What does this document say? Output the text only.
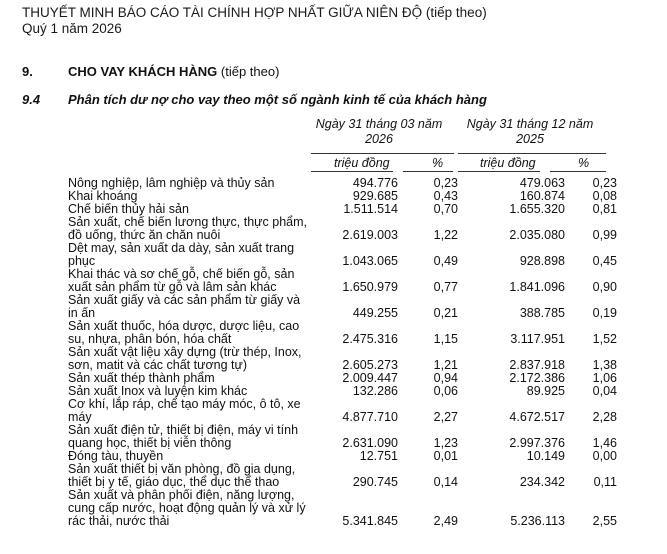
THUYẾT MINH BÁO CÁO TÀI CHÍNH HỢP NHẤT GIỮA NIÊN ĐỘ (tiếp theo)
Quý 1 năm 2026
9.	CHO VAY KHÁCH HÀNG (tiếp theo)
9.4	Phân tích dư nợ cho vay theo một số ngành kinh tế của khách hàng
Ngày 31 tháng 03 năm
2026
Ngày 31 tháng 12 năm
2025
triệu đồng	%	triệu đồng	%
Nông nghiệp, lâm nghiệp và thủy sản	494.776	0,23	479.063	0,23
Khai khoáng	929.685	0,43	160.874	0,08
Chế biến thủy hải sản	1.511.514	0,70	1.655.320	0,81
Sản xuất, chế biến lương thực, thực phẩm, đồ uống, thức ăn chăn nuôi	2.619.003	1,22	2.035.080	0,99
Dệt may, sản xuất da dày, sản xuất trang phục	1.043.065	0,49	928.898	0,45
Khai thác và sơ chế gỗ, chế biến gỗ, sản xuất sản phẩm từ gỗ và lâm sản khác	1.650.979	0,77	1.841.096	0,90
Sản xuất giấy và các sản phẩm từ giấy và in ấn	449.255	0,21	388.785	0,19
Sản xuất thuốc, hóa dược, dược liệu, cao su, nhựa, phân bón, hóa chất	2.475.316	1,15	3.117.951	1,52
Sản xuất vật liệu xây dựng (trừ thép, Inox, sơn, matit và các chất tương tự)	2.605.273	1,21	2.837.918	1,38
Sản xuất thép thành phẩm	2.009.447	0,94	2.172.386	1,06
Sản xuất Inox và luyện kim khác	132.286	0,06	89.925	0,04
Cơ khí, lắp ráp, chế tạo máy móc, ô tô, xe máy	4.877.710	2,27	4.672.517	2,28
Sản xuất điện tử, thiết bị điện, máy vi tính quang học, thiết bị viễn thông	2.631.090	1,23	2.997.376	1,46
Đóng tàu, thuyền	12.751	0,01	10.149	0,00
Sản xuất thiết bị văn phòng, đồ gia dụng, thiết bị y tế, giáo dục, thể dục thể thao	290.745	0,14	234.342	0,11
Sản xuất và phân phối điện, năng lượng, cung cấp nước, hoạt động quản lý và xử lý rác thải, nước thải	5.341.845	2,49	5.236.113	2,55
